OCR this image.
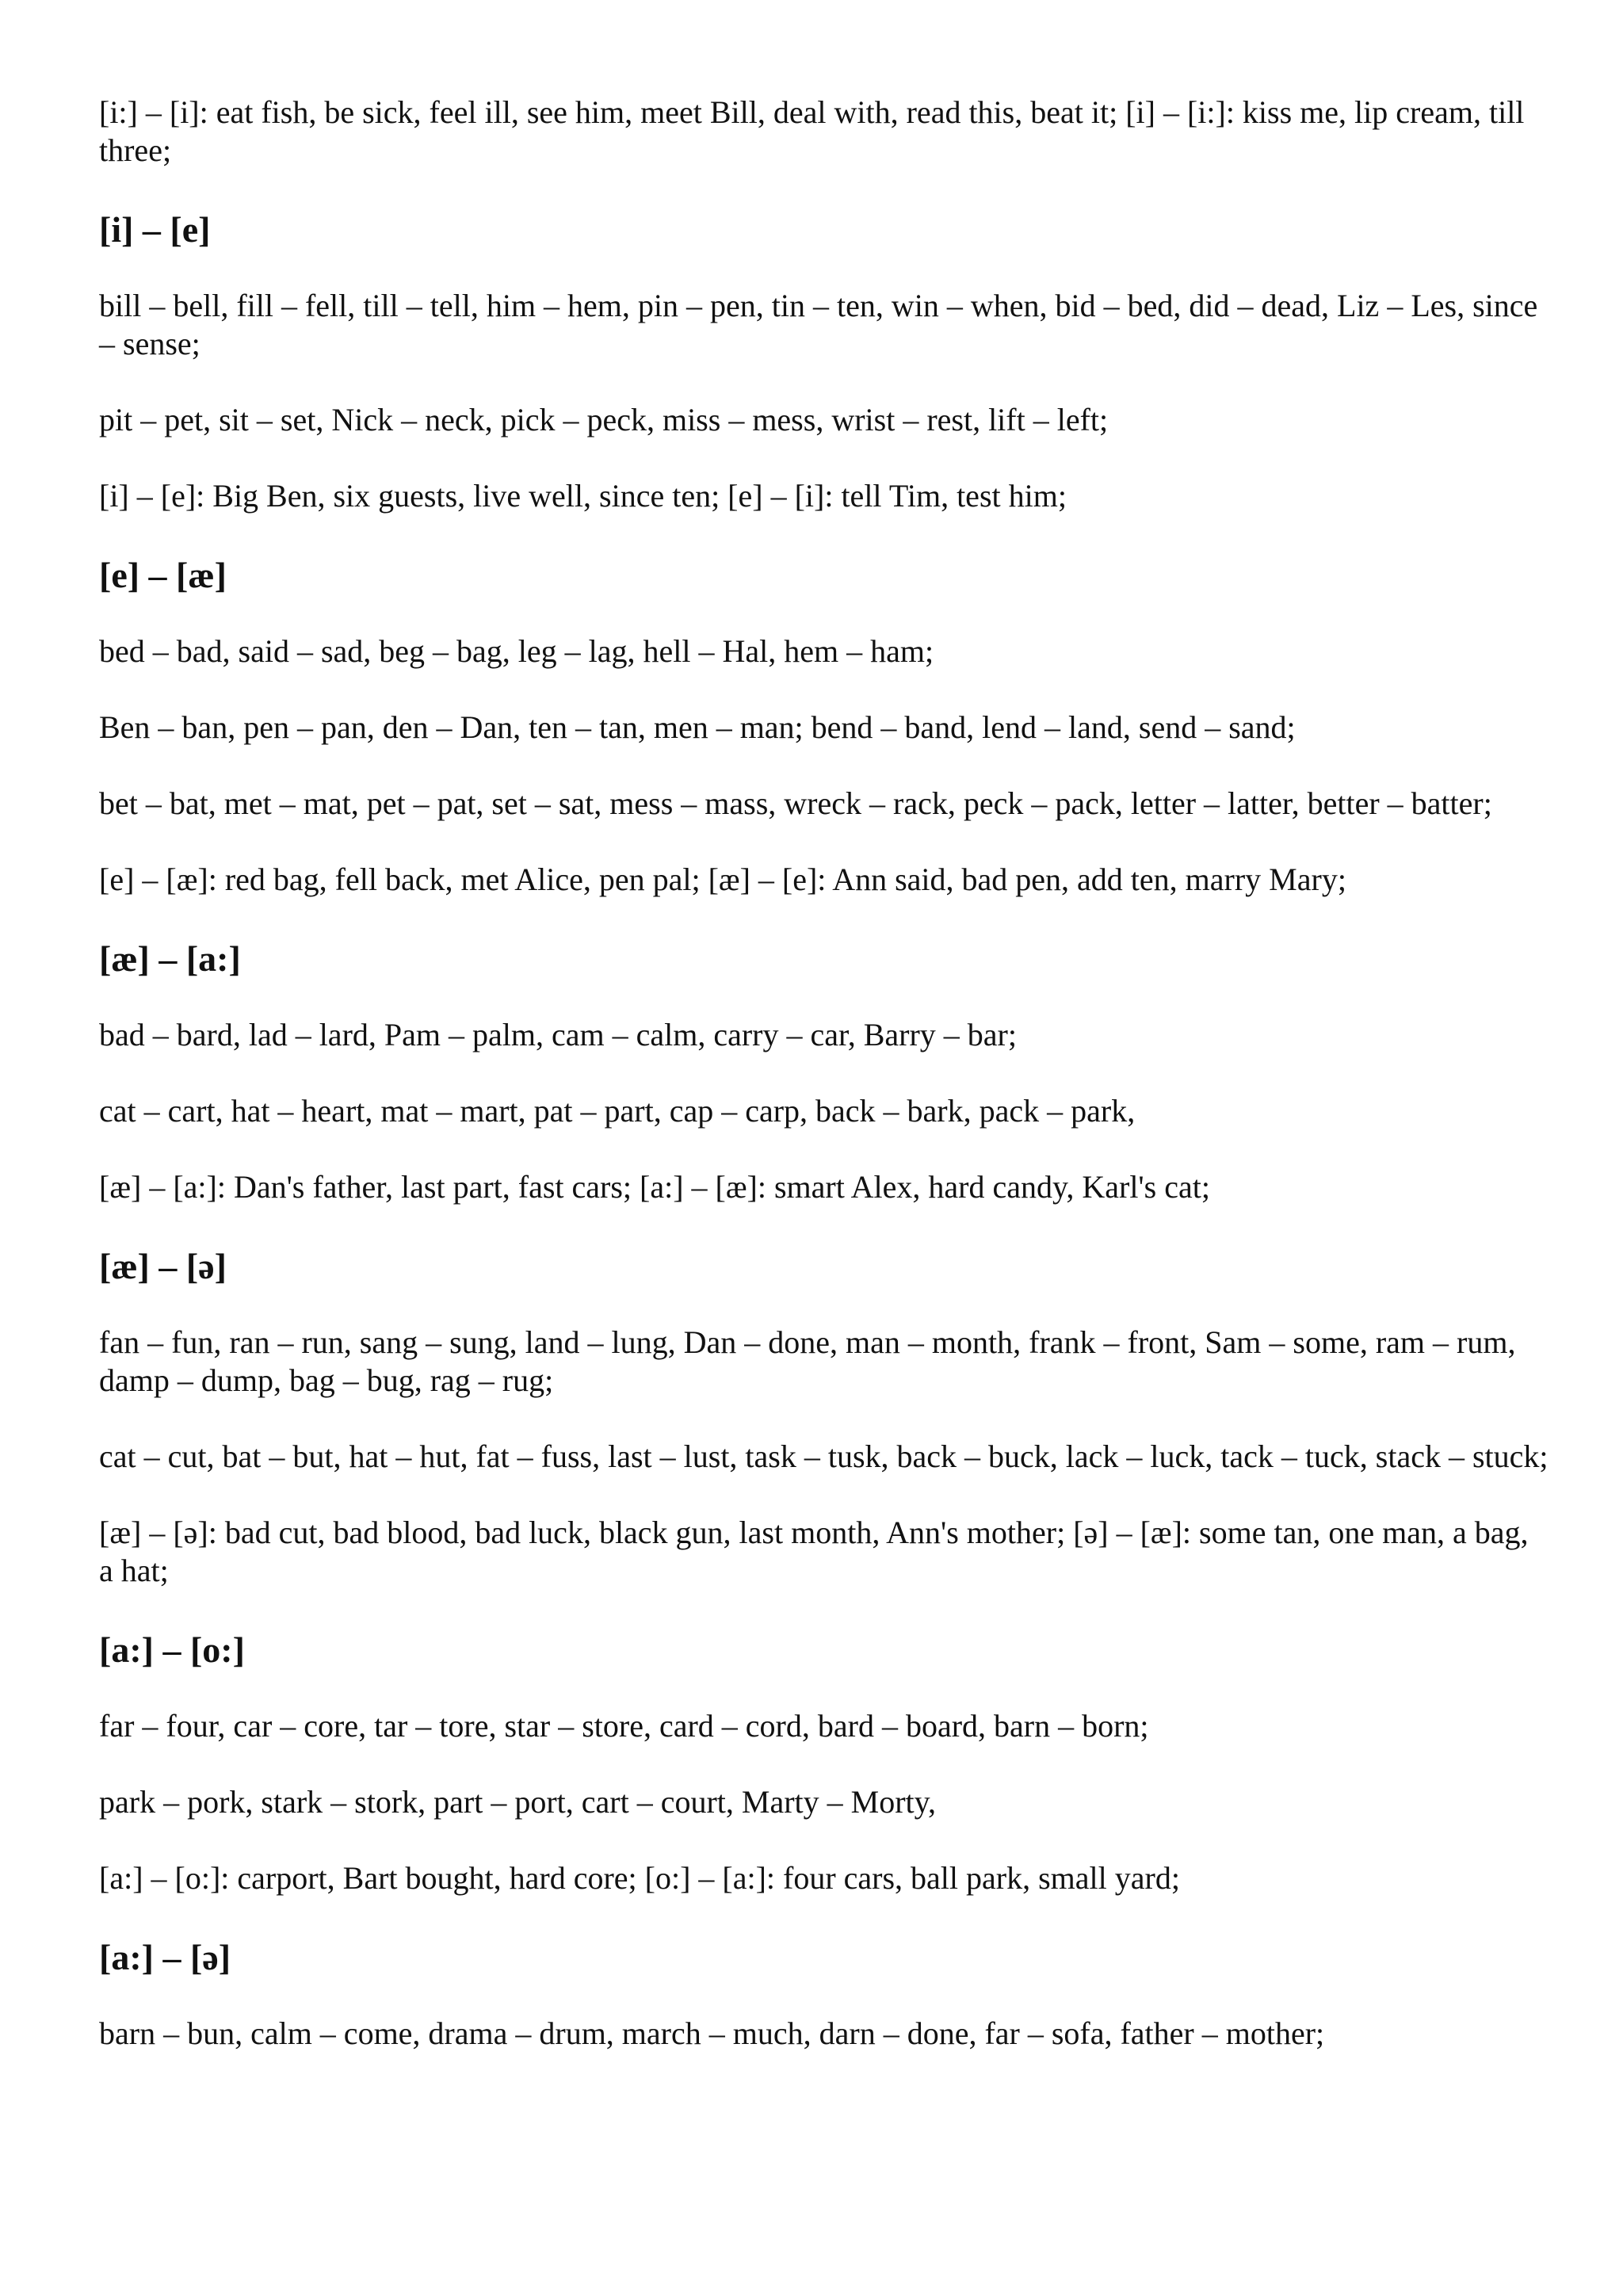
[i:] – [i]: eat fish, be sick, feel ill, see him, meet Bill, deal with, read this, beat it; [i] – [i:]: kiss me, lip cream, till three;

[i] – [e]

bill – bell, fill – fell, till – tell, him – hem, pin – pen, tin – ten, win – when, bid – bed, did – dead, Liz – Les, since – sense;

pit – pet, sit – set, Nick – neck, pick – peck, miss – mess, wrist – rest, lift – left;

[i] – [e]: Big Ben, six guests, live well, since ten; [e] – [i]: tell Tim, test him;

[e] – [æ]

bed – bad, said – sad, beg – bag, leg – lag, hell – Hal, hem – ham;

Ben – ban, pen – pan, den – Dan, ten – tan, men – man; bend – band, lend – land, send – sand;

bet – bat, met – mat, pet – pat, set – sat, mess – mass, wreck – rack, peck – pack, letter – latter, better – batter;

[e] – [æ]: red bag, fell back, met Alice, pen pal; [æ] – [e]: Ann said, bad pen, add ten, marry Mary;

[æ] – [a:]

bad – bard, lad – lard, Pam – palm, cam – calm, carry – car, Barry – bar;

cat – cart, hat – heart, mat – mart, pat – part, cap – carp, back – bark, pack – park,

[æ] – [a:]: Dan's father, last part, fast cars; [a:] – [æ]: smart Alex, hard candy, Karl's cat;

[æ] – [ə]

fan – fun, ran – run, sang – sung, land – lung, Dan – done, man – month, frank – front, Sam – some, ram – rum, damp – dump, bag – bug, rag – rug;

cat – cut, bat – but, hat – hut, fat – fuss, last – lust, task – tusk, back – buck, lack – luck, tack – tuck, stack – stuck;

[æ] – [ə]: bad cut, bad blood, bad luck, black gun, last month, Ann's mother; [ə] – [æ]: some tan, one man, a bag, a hat;

[a:] – [o:]

far – four, car – core, tar – tore, star – store, card – cord, bard – board, barn – born;

park – pork, stark – stork, part – port, cart – court, Marty – Morty,

[a:] – [o:]: carport, Bart bought, hard core; [o:] – [a:]: four cars, ball park, small yard;

[a:] – [ə]

barn – bun, calm – come, drama – drum, march – much, darn – done, far – sofa, father – mother;
